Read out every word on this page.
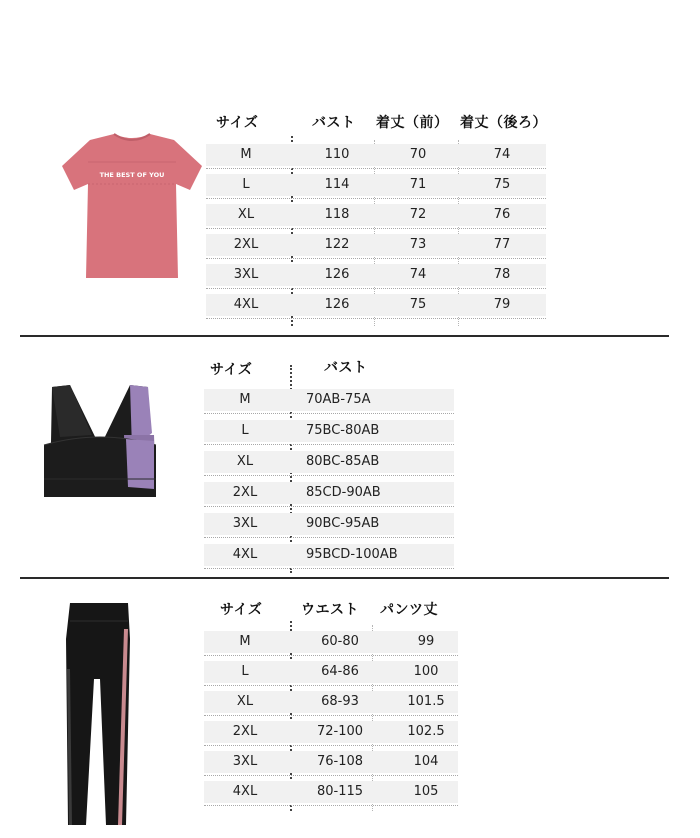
THE BEST OF YOU
サイズ	バスト 着丈（前） 着丈（後ろ）
M	110	70	74
L	114	71	75
XL	118	72	76
2XL	122	73	77
3XL	126	74	78
4XL	126	75	79
サイズ	バスト
M	70AB-75A
L	75BC-80AB
XL	80BC-85AB
2XL	85CD-90AB
3XL	90BC-95AB
4XL	95BCD-100AB
サイズ	ウエスト パンツ丈
M	60-80	99
L	64-86	100
XL	68-93	101.5
2XL	72-100	102.5
3XL	76-108	104
4XL	80-115	105
